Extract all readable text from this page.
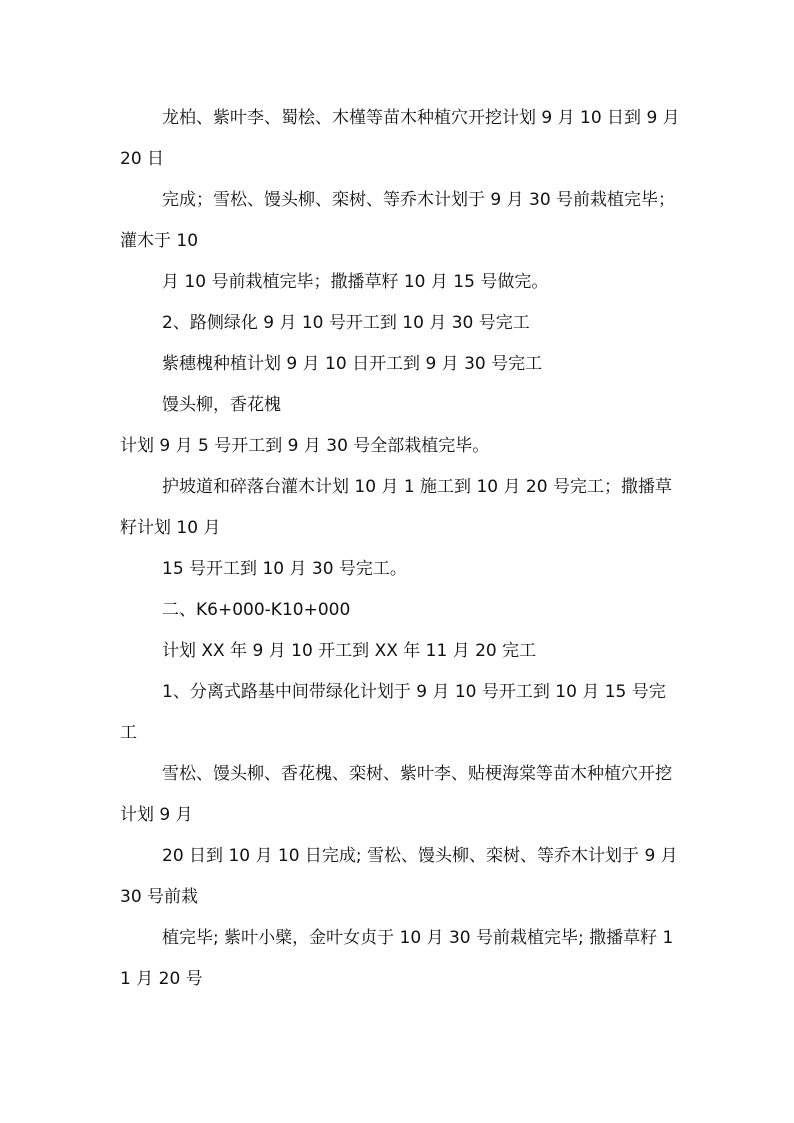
龙柏、紫叶李、蜀桧、木槿等苗木种植穴开挖计划 9 月 10 日到 9 月 20 日

完成；雪松、馒头柳、栾树、等乔木计划于 9 月 30 号前栽植完毕；灌木于 10

月 10 号前栽植完毕；撒播草籽 10 月 15 号做完。

2、路侧绿化 9 月 10 号开工到 10 月 30 号完工

紫穗槐种植计划 9 月 10 日开工到 9 月 30 号完工

馒头柳，香花槐

计划 9 月 5 号开工到 9 月 30 号全部栽植完毕。

护坡道和碎落台灌木计划 10 月 1 施工到 10 月 20 号完工；撒播草籽计划 10 月

15 号开工到 10 月 30 号完工。

二、K6+000-K10+000

计划 XX 年 9 月 10 开工到 XX 年 11 月 20 完工

1、分离式路基中间带绿化计划于 9 月 10 号开工到 10 月 15 号完工

雪松、馒头柳、香花槐、栾树、紫叶李、贴梗海棠等苗木种植穴开挖计划 9 月

20 日到 10 月 10 日完成; 雪松、馒头柳、栾树、等乔木计划于 9 月 30 号前栽

植完毕; 紫叶小檗，金叶女贞于 10 月 30 号前栽植完毕; 撒播草籽 11 月 20 号
